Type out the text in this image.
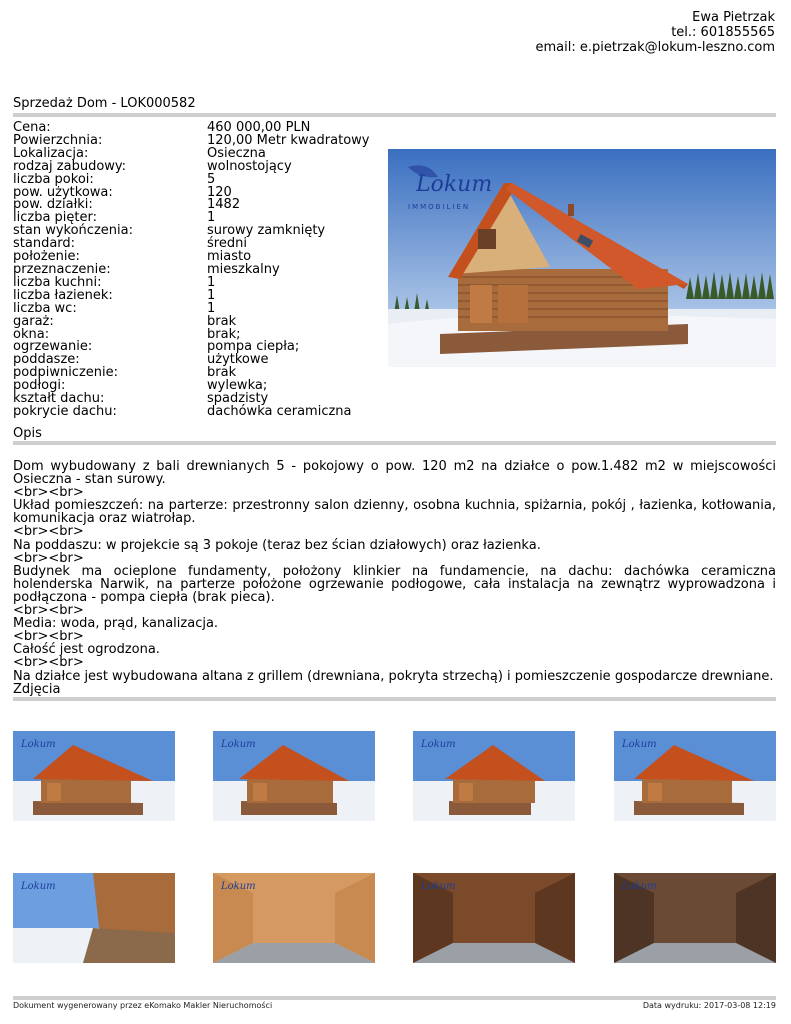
Ewa Pietrzak
tel.: 601855565
email: e.pietrzak@lokum-leszno.com
Sprzedaż Dom - LOK000582
Cena:	460 000,00 PLN
Powierzchnia:	120,00 Metr kwadratowy
Lokalizacja:	Osieczna
rodzaj zabudowy:	wolnostojący
liczba pokoi:	5
pow. użytkowa:	120
pow. działki:	1482
liczba pięter:	1
stan wykończenia:	surowy zamknięty
standard:	średni
położenie:	miasto
przeznaczenie:	mieszkalny
liczba kuchni:	1
liczba łazienek:	1
liczba wc:	1
garaż:	brak
okna:	brak;
ogrzewanie:	pompa ciepła;
poddasze:	użytkowe
podpiwniczenie:	brak
podłogi:	wylewka;
kształt dachu:	spadzisty
pokrycie dachu:	dachówka ceramiczna
Lokum
IMMOBILIEN
Opis

Dom wybudowany z bali drewnianych 5 - pokojowy o pow. 120 m2 na działce o pow.1.482 m2 w miejscowości Osieczna - stan surowy.

<br><br>

Układ pomieszczeń: na parterze: przestronny salon dzienny, osobna kuchnia, spiżarnia, pokój , łazienka, kotłowania, komunikacja oraz wiatrołap.

<br><br>

Na poddaszu: w projekcie są 3 pokoje (teraz bez ścian działowych) oraz łazienka.

<br><br>

Budynek ma ocieplone fundamenty, położony klinkier na fundamencie, na dachu: dachówka ceramiczna holenderska Narwik, na parterze położone ogrzewanie podłogowe, cała instalacja na zewnątrz wyprowadzona i podłączona - pompa ciepła (brak pieca).

<br><br>

Media: woda, prąd, kanalizacja.

<br><br>

Całość jest ogrodzona.

<br><br>

Na działce jest wybudowana altana z grillem (drewniana, pokryta strzechą) i pomieszczenie gospodarcze drewniane.

Zdjęcia
Lokum	Lokum	Lokum	Lokum
Lokum	Lokum	Lokum	Lokum
Dokument wygenerowany przez eKomako Makler Nieruchomości	Data wydruku: 2017-03-08 12:19
